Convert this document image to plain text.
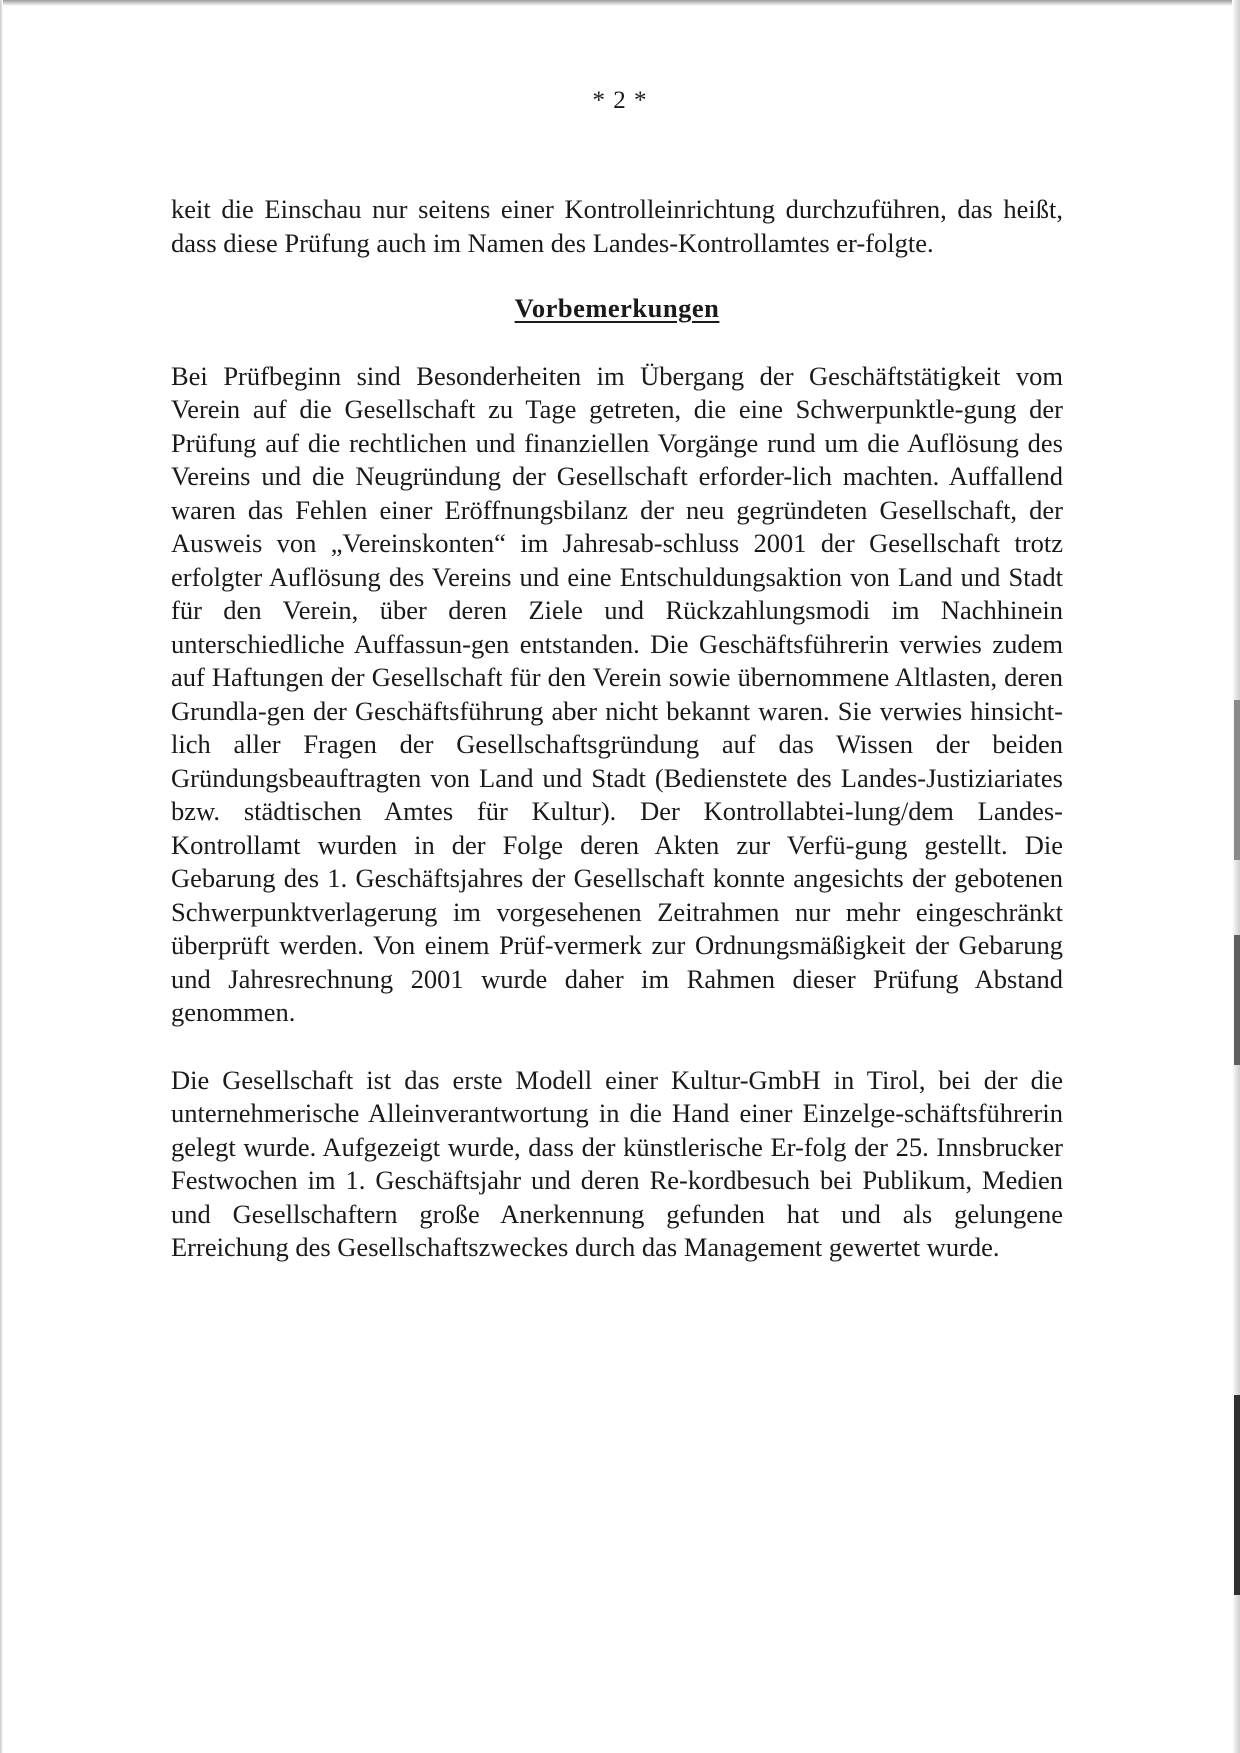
* 2 *

keit die Einschau nur seitens einer Kontrolleinrichtung durchzuführen, das heißt, dass diese Prüfung auch im Namen des Landes-Kontrollamtes er-folgte.

Vorbemerkungen

Bei Prüfbeginn sind Besonderheiten im Übergang der Geschäftstätigkeit vom Verein auf die Gesellschaft zu Tage getreten, die eine Schwerpunktle-gung der Prüfung auf die rechtlichen und finanziellen Vorgänge rund um die Auflösung des Vereins und die Neugründung der Gesellschaft erforder-lich machten. Auffallend waren das Fehlen einer Eröffnungsbilanz der neu gegründeten Gesellschaft, der Ausweis von „Vereinskonten“ im Jahresab-schluss 2001 der Gesellschaft trotz erfolgter Auflösung des Vereins und eine Entschuldungsaktion von Land und Stadt für den Verein, über deren Ziele und Rückzahlungsmodi im Nachhinein unterschiedliche Auffassun-gen entstanden. Die Geschäftsführerin verwies zudem auf Haftungen der Gesellschaft für den Verein sowie übernommene Altlasten, deren Grundla-gen der Geschäftsführung aber nicht bekannt waren. Sie verwies hinsicht-lich aller Fragen der Gesellschaftsgründung auf das Wissen der beiden Gründungsbeauftragten von Land und Stadt (Bedienstete des Landes-Justiziariates bzw. städtischen Amtes für Kultur). Der Kontrollabtei-lung/dem Landes-Kontrollamt wurden in der Folge deren Akten zur Verfü-gung gestellt. Die Gebarung des 1. Geschäftsjahres der Gesellschaft konnte angesichts der gebotenen Schwerpunktverlagerung im vorgesehenen Zeitrahmen nur mehr eingeschränkt überprüft werden. Von einem Prüf-vermerk zur Ordnungsmäßigkeit der Gebarung und Jahresrechnung 2001 wurde daher im Rahmen dieser Prüfung Abstand genommen.

Die Gesellschaft ist das erste Modell einer Kultur-GmbH in Tirol, bei der die unternehmerische Alleinverantwortung in die Hand einer Einzelge-schäftsführerin gelegt wurde. Aufgezeigt wurde, dass der künstlerische Er-folg der 25. Innsbrucker Festwochen im 1. Geschäftsjahr und deren Re-kordbesuch bei Publikum, Medien und Gesellschaftern große Anerkennung gefunden hat und als gelungene Erreichung des Gesellschaftszweckes durch das Management gewertet wurde.
